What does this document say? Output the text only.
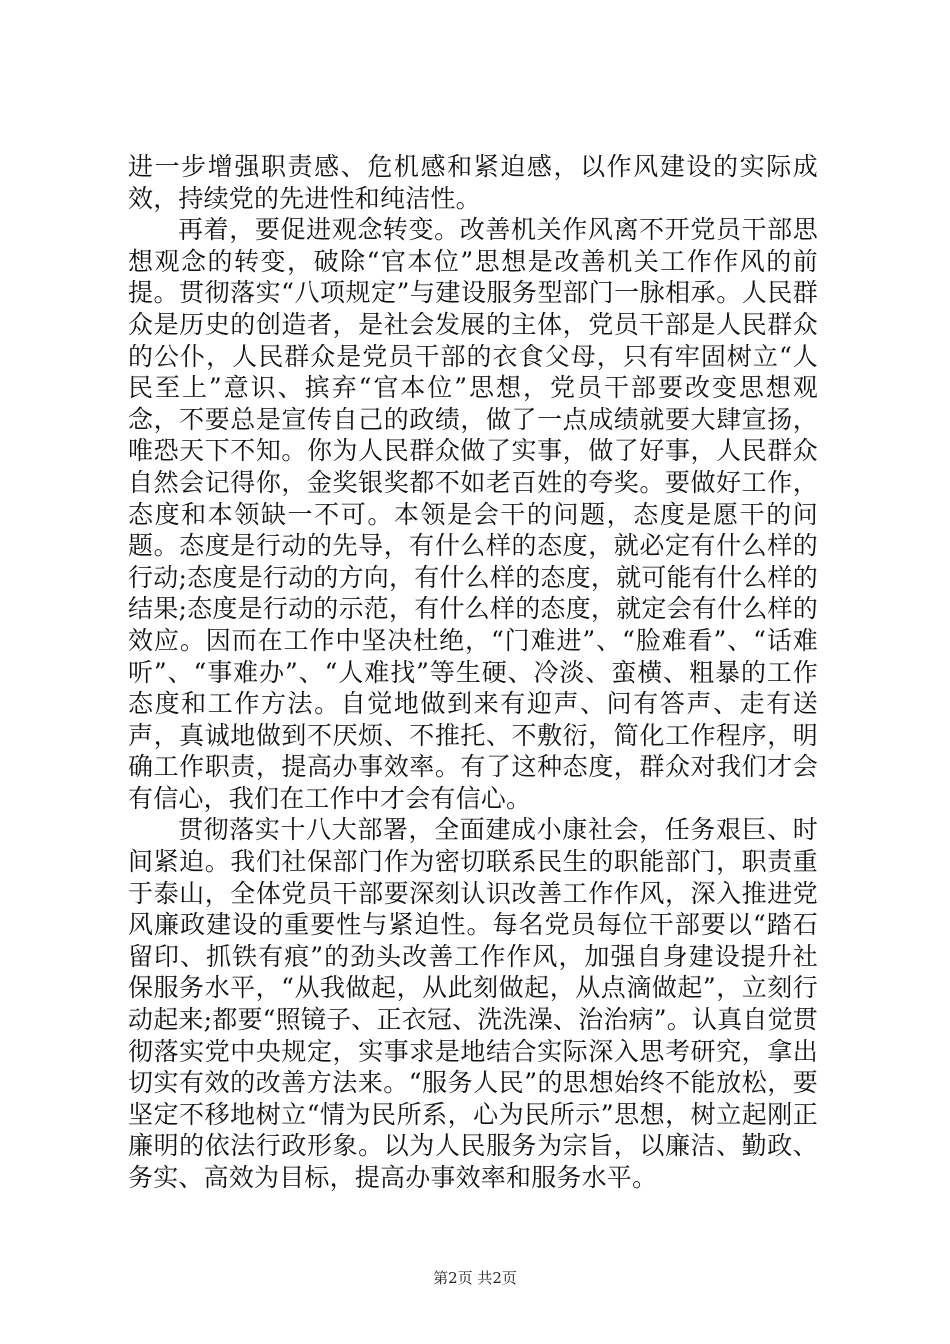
进一步增强职责感、危机感和紧迫感，以作风建设的实际成效，持续党的先进性和纯洁性。

再着，要促进观念转变。改善机关作风离不开党员干部思想观念的转变，破除“官本位”思想是改善机关工作作风的前提。贯彻落实“八项规定”与建设服务型部门一脉相承。人民群众是历史的创造者，是社会发展的主体，党员干部是人民群众的公仆，人民群众是党员干部的衣食父母，只有牢固树立“人民至上”意识、摈弃“官本位”思想，党员干部要改变思想观念，不要总是宣传自己的政绩，做了一点成绩就要大肆宣扬，唯恐天下不知。你为人民群众做了实事，做了好事，人民群众自然会记得你，金奖银奖都不如老百姓的夸奖。要做好工作，态度和本领缺一不可。本领是会干的问题，态度是愿干的问题。态度是行动的先导，有什么样的态度，就必定有什么样的行动;态度是行动的方向，有什么样的态度，就可能有什么样的结果;态度是行动的示范，有什么样的态度，就定会有什么样的效应。因而在工作中坚决杜绝，“门难进”、“脸难看”、“话难听”、“事难办”、“人难找”等生硬、冷淡、蛮横、粗暴的工作态度和工作方法。自觉地做到来有迎声、问有答声、走有送声，真诚地做到不厌烦、不推托、不敷衍，简化工作程序，明确工作职责，提高办事效率。有了这种态度，群众对我们才会有信心，我们在工作中才会有信心。

贯彻落实十八大部署，全面建成小康社会，任务艰巨、时间紧迫。我们社保部门作为密切联系民生的职能部门，职责重于泰山，全体党员干部要深刻认识改善工作作风，深入推进党风廉政建设的重要性与紧迫性。每名党员每位干部要以“踏石留印、抓铁有痕”的劲头改善工作作风，加强自身建设提升社保服务水平，“从我做起，从此刻做起，从点滴做起”，立刻行动起来;都要“照镜子、正衣冠、洗洗澡、治治病”。认真自觉贯彻落实党中央规定，实事求是地结合实际深入思考研究，拿出切实有效的改善方法来。“服务人民”的思想始终不能放松，要坚定不移地树立“情为民所系，心为民所示”思想，树立起刚正廉明的依法行政形象。以为人民服务为宗旨，以廉洁、勤政、务实、高效为目标，提高办事效率和服务水平。

第2页 共2页
